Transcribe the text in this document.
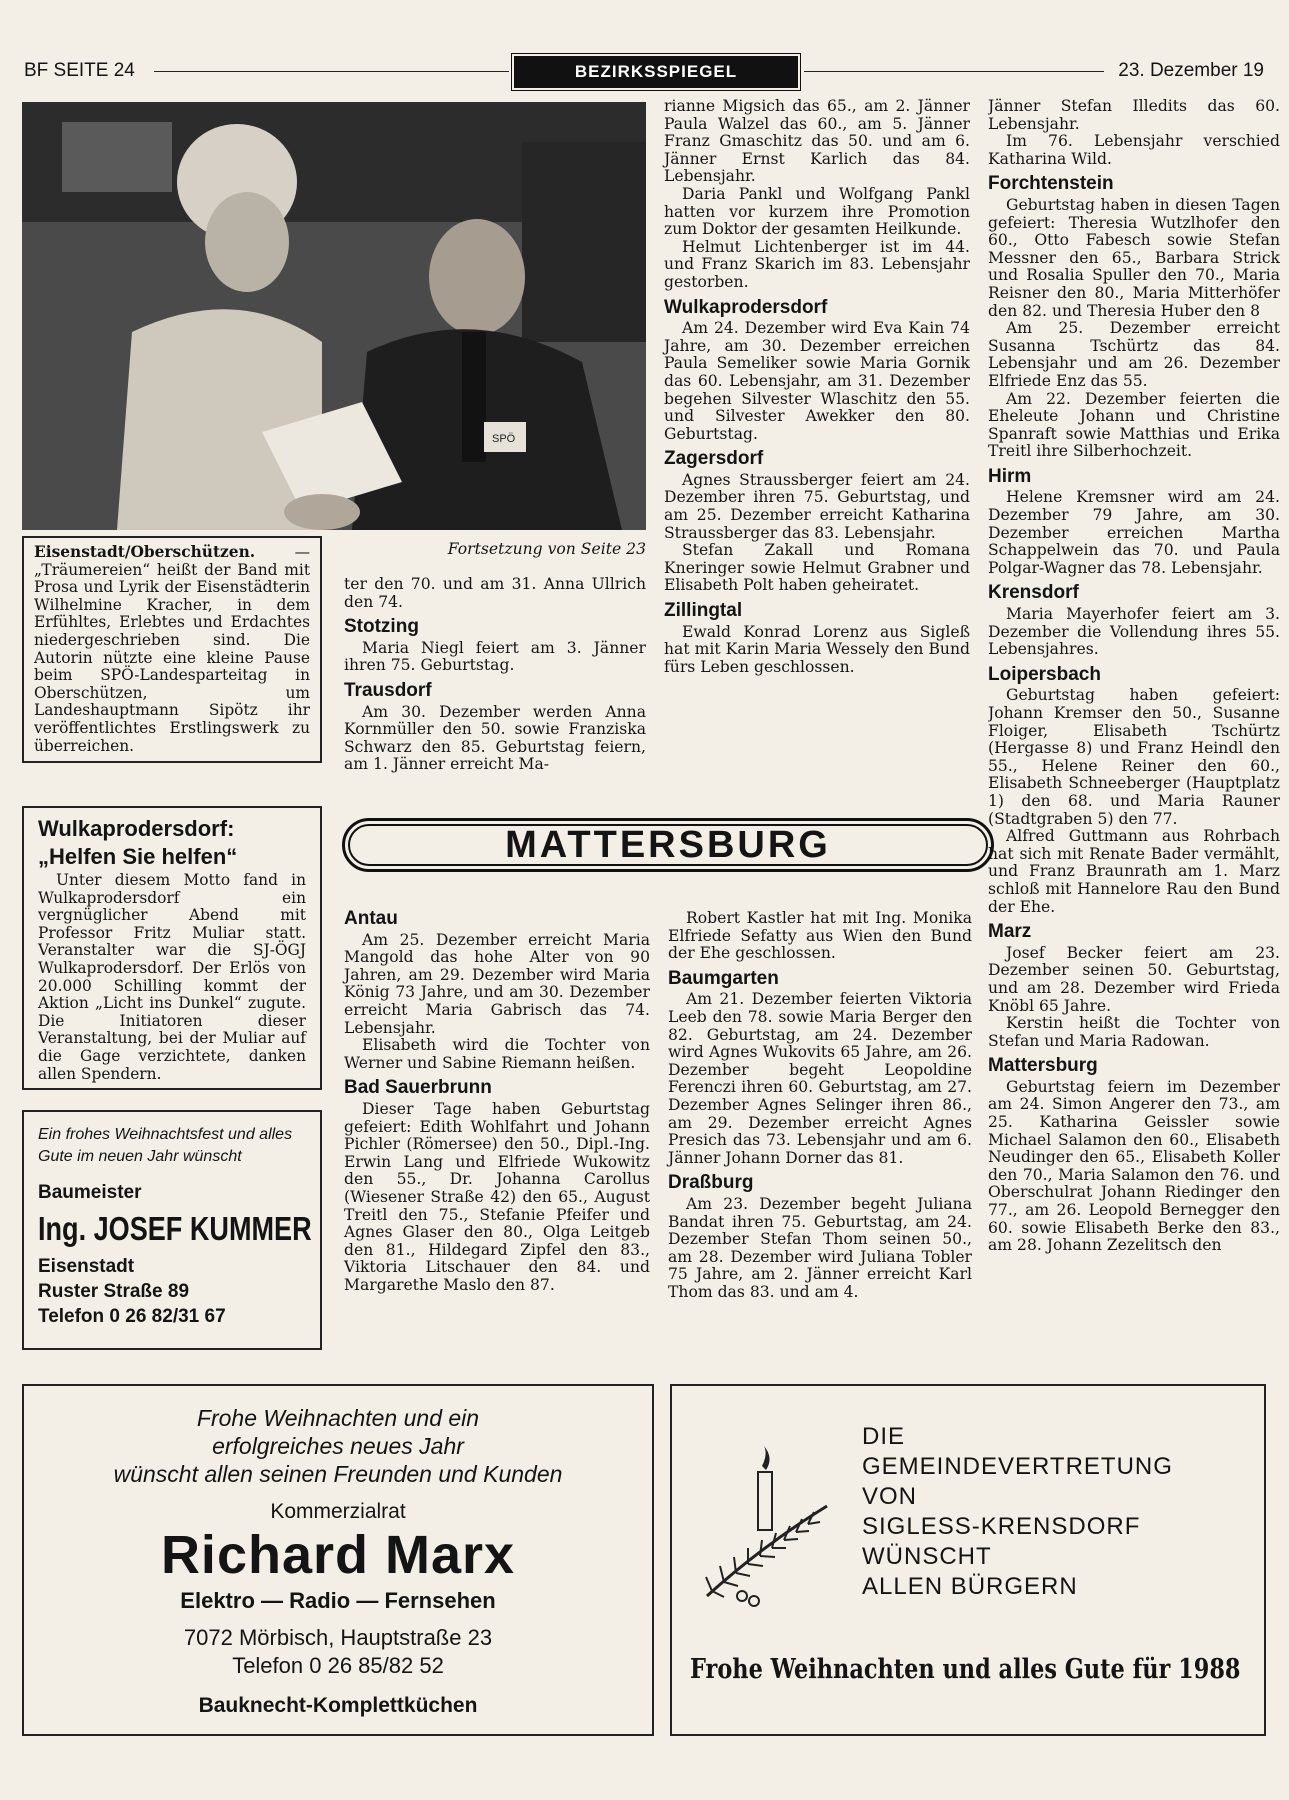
BF SEITE 24	BEZIRKSSPIEGEL	23. Dezember 19
SPÖ
Eisenstadt/Oberschützen.	— „Träumereien“ heißt der Band mit Prosa und Lyrik der Eisenstädterin Wilhelmine Kracher, in dem Erfühltes, Erlebtes und Erdachtes niedergeschrieben sind. Die Autorin nützte eine kleine Pause beim SPÖ-Landesparteitag in Oberschützen, um Landeshauptmann Sipötz ihr veröffentlichtes Erstlingswerk zu überreichen.
Fortsetzung von Seite 23

ter den 70. und am 31. Anna Ullrich den 74.

Stotzing

Maria Niegl feiert am 3. Jänner ihren 75. Geburtstag.

Trausdorf

Am 30. Dezember werden Anna Kornmüller den 50. sowie Franziska Schwarz den 85. Geburtstag feiern, am 1. Jänner erreicht Ma-

rianne Migsich das 65., am 2. Jänner Paula Walzel das 60., am 5. Jänner Franz Gmaschitz das 50. und am 6. Jänner Ernst Karlich das 84. Lebensjahr.

Daria Pankl und Wolfgang Pankl hatten vor kurzem ihre Promotion zum Doktor der gesamten Heilkunde.

Helmut Lichtenberger ist im 44. und Franz Skarich im 83. Lebensjahr gestorben.

Wulkaprodersdorf

Am 24. Dezember wird Eva Kain 74 Jahre, am 30. Dezember erreichen Paula Semeliker sowie Maria Gornik das 60. Lebensjahr, am 31. Dezember begehen Silvester Wlaschitz den 55. und Silvester Awekker den 80. Geburtstag.

Zagersdorf

Agnes Straussberger feiert am 24. Dezember ihren 75. Geburtstag, und am 25. Dezember erreicht Katharina Straussberger das 83. Lebensjahr.

Stefan Zakall und Romana Kneringer sowie Helmut Grabner und Elisabeth Polt haben geheiratet.

Zillingtal

Ewald Konrad Lorenz aus Sigleß hat mit Karin Maria Wessely den Bund fürs Leben geschlossen.

Jänner Stefan Illedits das 60. Lebensjahr.

Im 76. Lebensjahr verschied Katharina Wild.

Forchtenstein

Geburtstag haben in diesen Tagen gefeiert: Theresia Wutzlhofer den 60., Otto Fabesch sowie Stefan Messner den 65., Barbara Strick und Rosalia Spuller den 70., Maria Reisner den 80., Maria Mitterhöfer den 82. und Theresia Huber den 8

Am 25. Dezember erreicht Susanna Tschürtz das 84. Lebensjahr und am 26. Dezember Elfriede Enz das 55.

Am 22. Dezember feierten die Eheleute Johann und Christine Spanraft sowie Matthias und Erika Treitl ihre Silberhochzeit.

Hirm

Helene Kremsner wird am 24. Dezember 79 Jahre, am 30. Dezember erreichen Martha Schappelwein das 70. und Paula Polgar-Wagner das 78. Lebensjahr.

Krensdorf

Maria Mayerhofer feiert am 3. Dezember die Vollendung ihres 55. Lebensjahres.

Loipersbach

Geburtstag haben gefeiert: Johann Kremser den 50., Susanne Floiger, Elisabeth Tschürtz (Hergasse 8) und Franz Heindl den 55., Helene Reiner den 60., Elisabeth Schneeberger (Hauptplatz 1) den 68. und Maria Rauner (Stadtgraben 5) den 77.

Alfred Guttmann aus Rohrbach hat sich mit Renate Bader vermählt, und Franz Braunrath am 1. Marz schloß mit Hannelore Rau den Bund der Ehe.

Marz

Josef Becker feiert am 23. Dezember seinen 50. Geburtstag, und am 28. Dezember wird Frieda Knöbl 65 Jahre.

Kerstin heißt die Tochter von Stefan und Maria Radowan.

Mattersburg

Geburtstag feiern im Dezember am 24. Simon Angerer den 73., am 25. Katharina Geissler sowie Michael Salamon den 60., Elisabeth Neudinger den 65., Elisabeth Koller den 70., Maria Salamon den 76. und Oberschulrat Johann Riedinger den 77., am 26. Leopold Bernegger den 60. sowie Elisabeth Berke den 83., am 28. Johann Zezelitsch den

Wulkaprodersdorf:
„Helfen Sie helfen“

Unter diesem Motto fand in Wulkaprodersdorf ein vergnüglicher Abend mit Professor Fritz Muliar statt. Veranstalter war die SJ-ÖGJ Wulkaprodersdorf. Der Erlös von 20.000 Schilling kommt der Aktion „Licht ins Dunkel“ zugute. Die Initiatoren dieser Veranstaltung, bei der Muliar auf die Gage verzichtete, danken allen Spendern.

Ein frohes Weihnachtsfest und alles Gute im neuen Jahr wünscht
Baumeister
Ing. JOSEF KUMMER
Eisenstadt
Ruster Straße 89
Telefon 0 26 82/31 67
MATTERSBURG
Antau

Am 25. Dezember erreicht Maria Mangold das hohe Alter von 90 Jahren, am 29. Dezember wird Maria König 73 Jahre, und am 30. Dezember erreicht Maria Gabrisch das 74. Lebensjahr.

Elisabeth wird die Tochter von Werner und Sabine Riemann heißen.

Bad Sauerbrunn

Dieser Tage haben Geburtstag gefeiert: Edith Wohlfahrt und Johann Pichler (Römersee) den 50., Dipl.-Ing. Erwin Lang und Elfriede Wukowitz den 55., Dr. Johanna Carollus (Wiesener Straße 42) den 65., August Treitl den 75., Stefanie Pfeifer und Agnes Glaser den 80., Olga Leitgeb den 81., Hildegard Zipfel den 83., Viktoria Litschauer den 84. und Margarethe Maslo den 87.

Robert Kastler hat mit Ing. Monika Elfriede Sefatty aus Wien den Bund der Ehe geschlossen.

Baumgarten

Am 21. Dezember feierten Viktoria Leeb den 78. sowie Maria Berger den 82. Geburtstag, am 24. Dezember wird Agnes Wukovits 65 Jahre, am 26. Dezember begeht Leopoldine Ferenczi ihren 60. Geburtstag, am 27. Dezember Agnes Selinger ihren 86., am 29. Dezember erreicht Agnes Presich das 73. Lebensjahr und am 6. Jänner Johann Dorner das 81.

Draßburg

Am 23. Dezember begeht Juliana Bandat ihren 75. Geburtstag, am 24. Dezember Stefan Thom seinen 50., am 28. Dezember wird Juliana Tobler 75 Jahre, am 2. Jänner erreicht Karl Thom das 83. und am 4.

Frohe Weihnachten und ein
erfolgreiches neues Jahr
wünscht allen seinen Freunden und Kunden
Kommerzialrat
Richard Marx
Elektro — Radio — Fernsehen
7072 Mörbisch, Hauptstraße 23
Telefon 0 26 85/82 52
Bauknecht-Komplettküchen
DIE
GEMEINDEVERTRETUNG
VON
SIGLESS-KRENSDORF
WÜNSCHT
ALLEN BÜRGERN
Frohe Weihnachten und alles Gute für 1988
